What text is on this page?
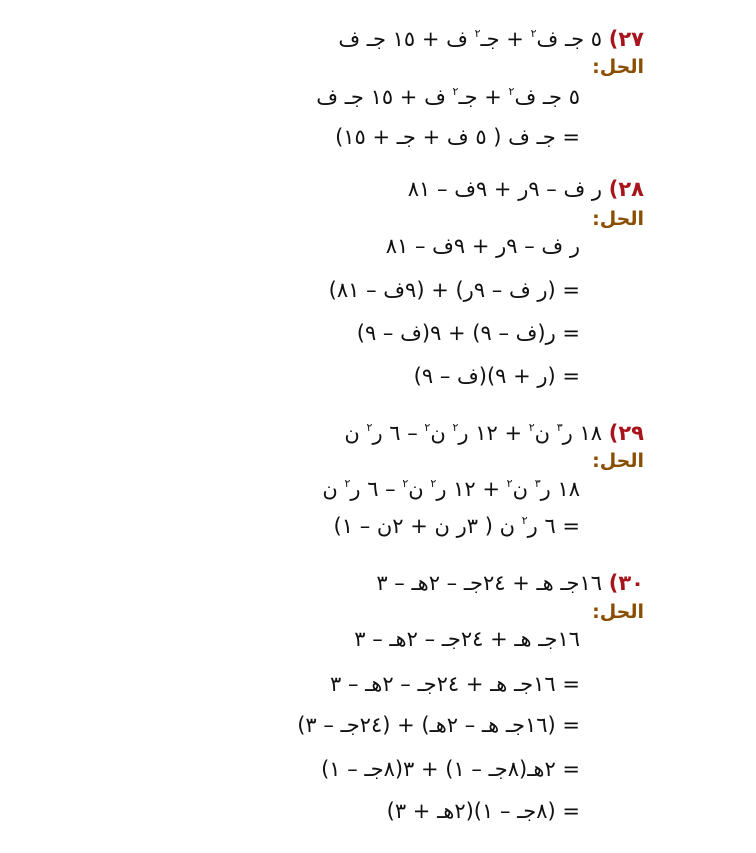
٢٧) ٥ جـ ف$^٢$ + جـ$^٢$ ف + ١٥ جـ ف
الحل:
٥ جـ ف$^٢$ + جـ$^٢$ ف + ١٥ جـ ف
= جـ ف ( ٥ ف + جـ + ١٥)
٢٨) ر ف – ٩ر + ٩ف – ٨١
الحل:
ر ف – ٩ر + ٩ف – ٨١
= (ر ف – ٩ر) + (٩ف – ٨١)
= ر(ف – ٩) + ٩(ف – ٩)
= (ر + ٩)(ف – ٩)
٢٩) ١٨ ر$^٣$ ن$^٢$ + ١٢ ر$^٢$ ن$^٢$ – ٦ ر$^٢$ ن
الحل:
١٨ ر$^٣$ ن$^٢$ + ١٢ ر$^٢$ ن$^٢$ – ٦ ر$^٢$ ن
= ٦ ر$^٢$ ن ( ٣ر ن + ٢ن – ١)
٣٠) ١٦جـ هـ + ٢٤جـ – ٢هـ – ٣
الحل:
١٦جـ هـ + ٢٤جـ – ٢هـ – ٣
= ١٦جـ هـ + ٢٤جـ – ٢هـ – ٣
= (١٦جـ هـ – ٢هـ) + (٢٤جـ – ٣)
= ٢هـ(٨جـ – ١) + ٣(٨جـ – ١)
= (٨جـ – ١)(٢هـ + ٣)
